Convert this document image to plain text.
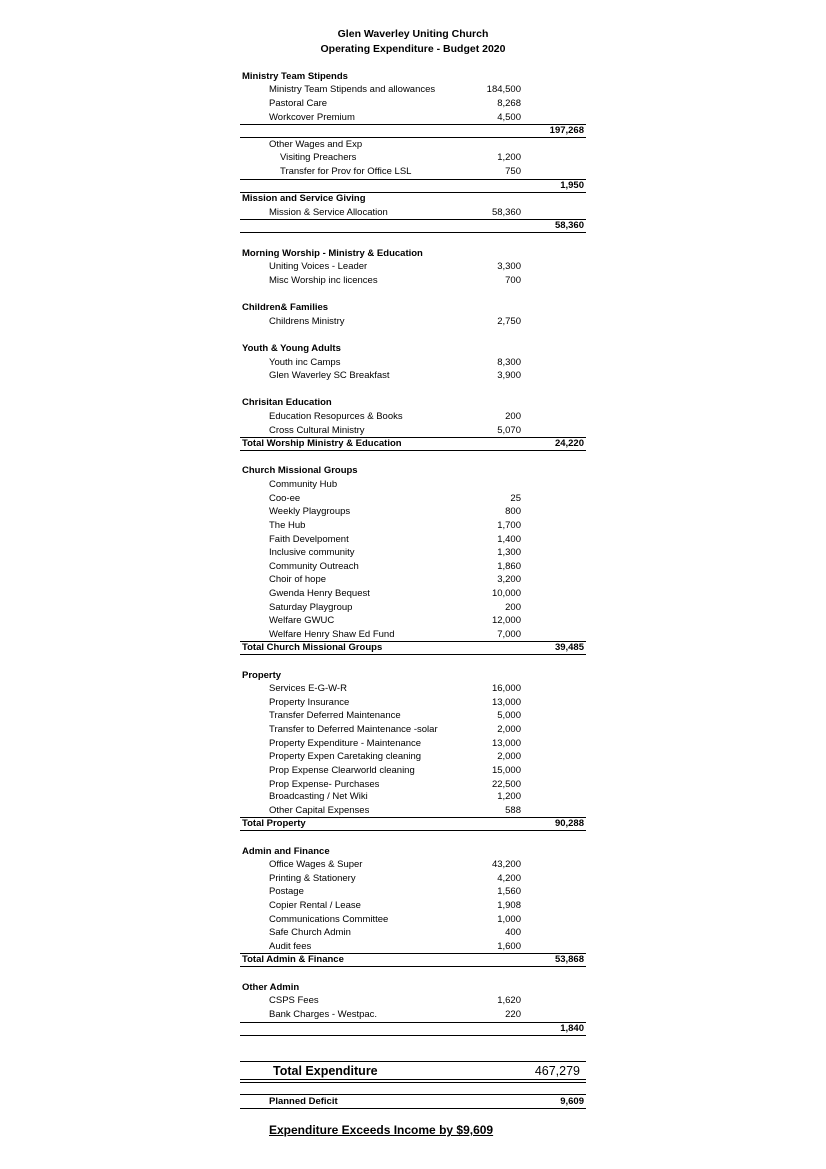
Glen Waverley Uniting Church
Operating Expenditure - Budget 2020
Ministry Team Stipends
Ministry Team Stipends and allowances	184,500
Pastoral Care	8,268
Workcover Premium	4,500
197,268
Other Wages and Exp
Visiting Preachers	1,200
Transfer for Prov for Office LSL	750
1,950
Mission and Service Giving
Mission & Service Allocation	58,360
58,360
Morning Worship - Ministry & Education
Uniting Voices - Leader	3,300
Misc Worship inc licences	700
Children& Families
Childrens Ministry	2,750
Youth & Young Adults
Youth inc Camps	8,300
Glen Waverley SC Breakfast	3,900
Chrisitan Education
Education Resopurces & Books	200
Cross Cultural Ministry	5,070
Total Worship Ministry & Education	24,220
Church Missional Groups
Community Hub
Coo-ee	25
Weekly Playgroups	800
The Hub	1,700
Faith Develpoment	1,400
Inclusive community	1,300
Community Outreach	1,860
Choir of hope	3,200
Gwenda Henry Bequest	10,000
Saturday Playgroup	200
Welfare GWUC	12,000
Welfare Henry Shaw Ed Fund	7,000
Total Church Missional Groups	39,485
Property
Services E-G-W-R	16,000
Property Insurance	13,000
Transfer Deferred Maintenance	5,000
Transfer to Deferred Maintenance -solar	2,000
Property Expenditure - Maintenance	13,000
Property Expen Caretaking cleaning	2,000
Prop Expense Clearworld cleaning	15,000
Prop Expense- Purchases	22,500
Broadcasting / Net Wiki	1,200
Other Capital Expenses	588
Total Property	90,288
Admin and Finance
Office Wages & Super	43,200
Printing & Stationery	4,200
Postage	1,560
Copier Rental / Lease	1,908
Communications Committee	1,000
Safe Church Admin	400
Audit fees	1,600
Total Admin & Finance	53,868
Other Admin
CSPS Fees	1,620
Bank Charges - Westpac.	220
1,840
Total Expenditure	467,279
Planned Deficit	9,609
Expenditure Exceeds Income by $9,609
